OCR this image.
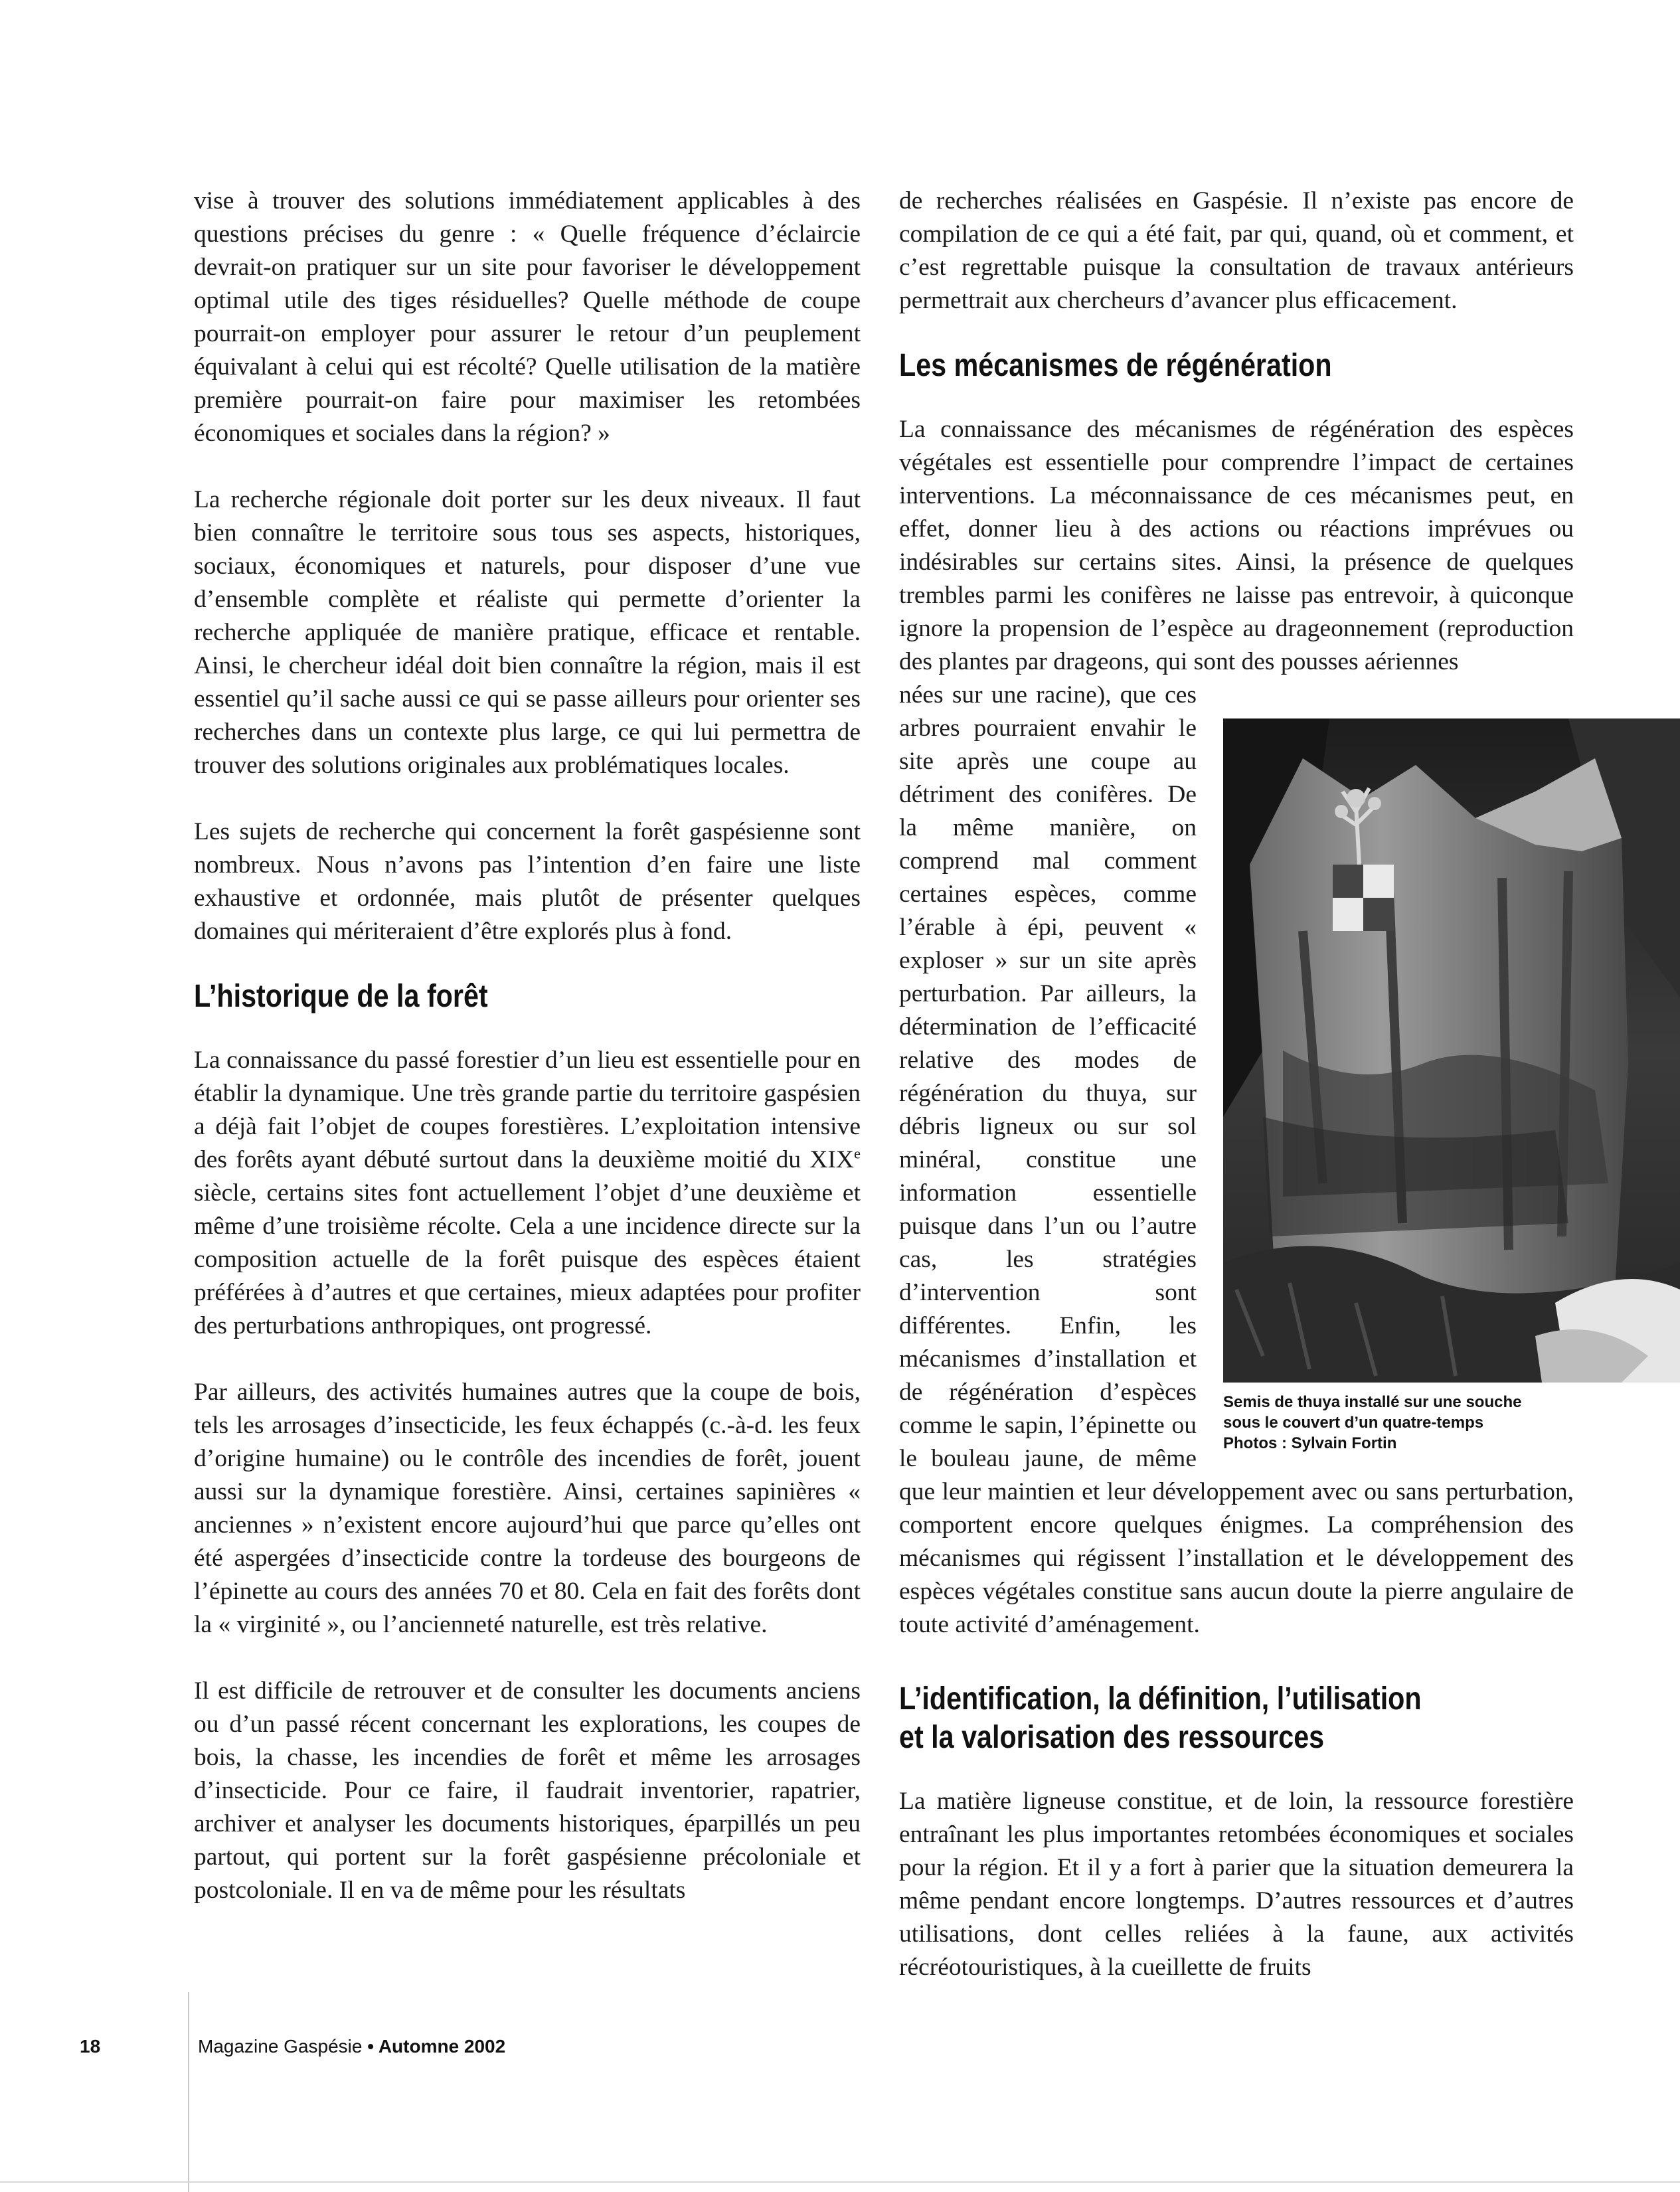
vise à trouver des solutions immédiatement applicables à des questions précises du genre : « Quelle fréquence d’éclaircie devrait-on pratiquer sur un site pour favoriser le développement optimal utile des tiges résiduelles? Quelle méthode de coupe pourrait-on employer pour assurer le retour d’un peuplement équivalant à celui qui est récolté? Quelle utilisation de la matière première pourrait-on faire pour maximiser les retombées économiques et sociales dans la région? »

La recherche régionale doit porter sur les deux niveaux. Il faut bien connaître le territoire sous tous ses aspects, historiques, sociaux, économiques et naturels, pour disposer d’une vue d’ensemble complète et réaliste qui permette d’orienter la recherche appliquée de manière pratique, efficace et rentable. Ainsi, le chercheur idéal doit bien connaître la région, mais il est essentiel qu’il sache aussi ce qui se passe ailleurs pour orienter ses recherches dans un contexte plus large, ce qui lui permettra de trouver des solutions originales aux problématiques locales.

Les sujets de recherche qui concernent la forêt gaspésienne sont nombreux. Nous n’avons pas l’intention d’en faire une liste exhaustive et ordonnée, mais plutôt de présenter quelques domaines qui mériteraient d’être explorés plus à fond.

L’historique de la forêt

La connaissance du passé forestier d’un lieu est essentielle pour en établir la dynamique. Une très grande partie du territoire gaspésien a déjà fait l’objet de coupes forestières. L’exploitation intensive des forêts ayant débuté surtout dans la deuxième moitié du XIXe siècle, certains sites font actuellement l’objet d’une deuxième et même d’une troisième récolte. Cela a une incidence directe sur la composition actuelle de la forêt puisque des espèces étaient préférées à d’autres et que certaines, mieux adaptées pour profiter des perturbations anthropiques, ont progressé.

Par ailleurs, des activités humaines autres que la coupe de bois, tels les arrosages d’insecticide, les feux échappés (c.-à-d. les feux d’origine humaine) ou le contrôle des incendies de forêt, jouent aussi sur la dynamique forestière. Ainsi, certaines sapinières « anciennes » n’existent encore aujourd’hui que parce qu’elles ont été aspergées d’insecticide contre la tordeuse des bourgeons de l’épinette au cours des années 70 et 80. Cela en fait des forêts dont la « virginité », ou l’ancienneté naturelle, est très relative.

Il est difficile de retrouver et de consulter les documents anciens ou d’un passé récent concernant les explorations, les coupes de bois, la chasse, les incendies de forêt et même les arrosages d’insecticide. Pour ce faire, il faudrait inventorier, rapatrier, archiver et analyser les documents historiques, éparpillés un peu partout, qui portent sur la forêt gaspésienne précoloniale et postcoloniale. Il en va de même pour les résultats

de recherches réalisées en Gaspésie. Il n’existe pas encore de compilation de ce qui a été fait, par qui, quand, où et comment, et c’est regrettable puisque la consultation de travaux antérieurs permettrait aux chercheurs d’avancer plus efficacement.

Les mécanismes de régénération

La connaissance des mécanismes de régénération des espèces végétales est essentielle pour comprendre l’impact de certaines interventions. La méconnaissance de ces mécanismes peut, en effet, donner lieu à des actions ou réactions imprévues ou indésirables sur certains sites. Ainsi, la présence de quelques trembles parmi les conifères ne laisse pas entrevoir, à quiconque ignore la propension de l’espèce au drageonnement (reproduction des plantes par drageons, qui sont des pousses aériennes

Semis de thuya installé sur une souche
sous le couvert d’un quatre-temps
Photos : Sylvain Fortin

nées sur une racine), que ces arbres pourraient envahir le site après une coupe au détriment des conifères. De la même manière, on comprend mal comment certaines espèces, comme l’érable à épi, peuvent « exploser » sur un site après perturbation. Par ailleurs, la détermination de l’efficacité relative des modes de régénération du thuya, sur débris ligneux ou sur sol minéral, constitue une information essentielle puisque dans l’un ou l’autre cas, les stratégies d’intervention sont différentes. Enfin, les mécanismes d’installation et de régénération d’espèces comme le sapin, l’épinette ou le bouleau jaune, de même que leur maintien et leur développement avec ou sans perturbation, comportent encore quelques énigmes. La compréhension des mécanismes qui régissent l’installation et le développement des espèces végétales constitue sans aucun doute la pierre angulaire de toute activité d’aménagement.

L’identification, la définition, l’utilisation
et la valorisation des ressources

La matière ligneuse constitue, et de loin, la ressource forestière entraînant les plus importantes retombées économiques et sociales pour la région. Et il y a fort à parier que la situation demeurera la même pendant encore longtemps. D’autres ressources et d’autres utilisations, dont celles reliées à la faune, aux activités récréotouristiques, à la cueillette de fruits

18	Magazine Gaspésie • Automne 2002
